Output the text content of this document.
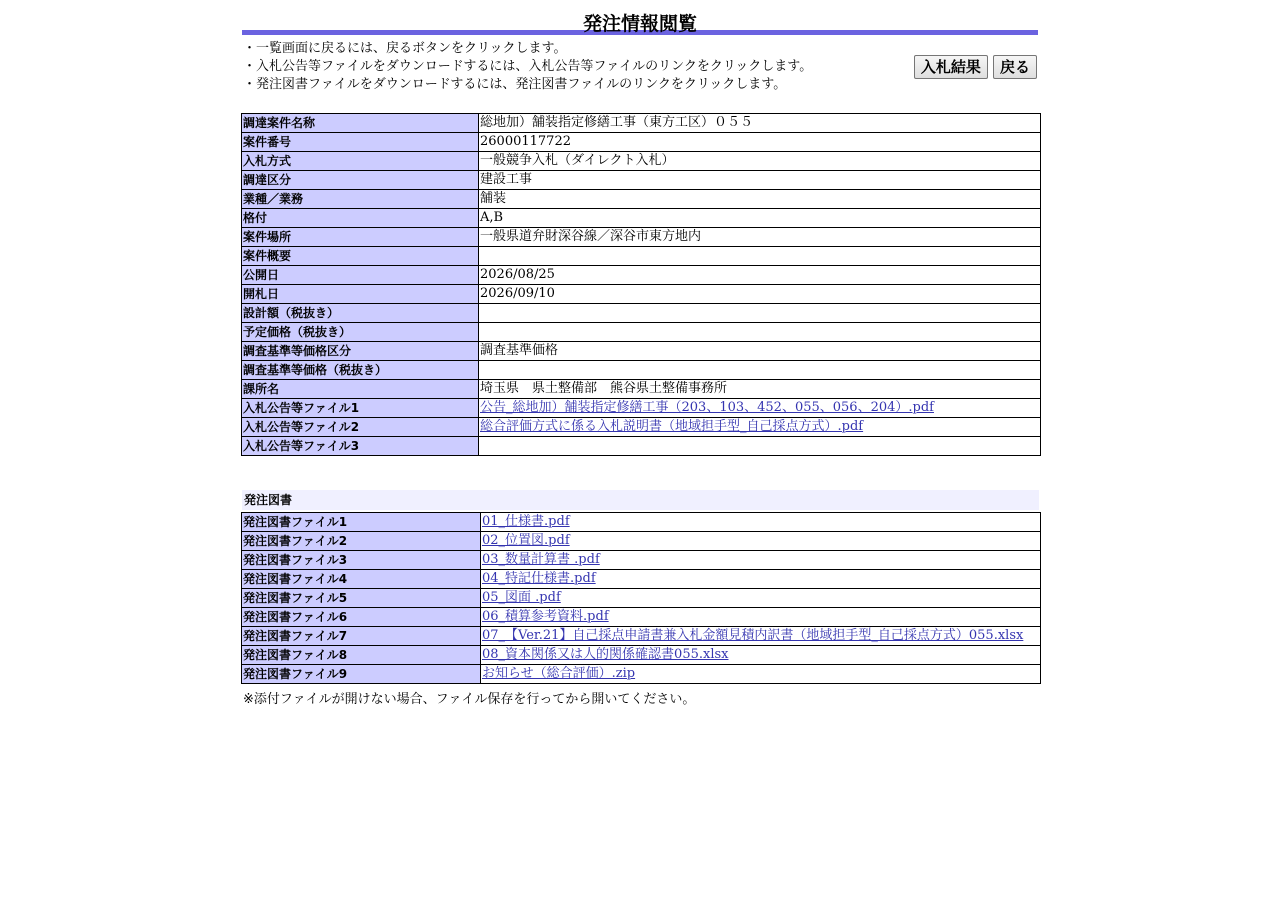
発注情報閲覧
・一覧画面に戻るには、戻るボタンをクリックします。
・入札公告等ファイルをダウンロードするには、入札公告等ファイルのリンクをクリックします。
・発注図書ファイルをダウンロードするには、発注図書ファイルのリンクをクリックします。
入札結果 戻る
調達案件名称	総地加）舗装指定修繕工事（東方工区）０５５
案件番号	26000117722
入札方式	一般競争入札（ダイレクト入札）
調達区分	建設工事
業種／業務	舗装
格付	A,B
案件場所	一般県道弁財深谷線／深谷市東方地内
案件概要	
公開日	2026/08/25
開札日	2026/09/10
設計額（税抜き）	
予定価格（税抜き）	
調査基準等価格区分	調査基準価格
調査基準等価格（税抜き）	
課所名	埼玉県　県土整備部　熊谷県土整備事務所
入札公告等ファイル1	公告_総地加）舗装指定修繕工事（203、103、452、055、056、204）.pdf
入札公告等ファイル2	総合評価方式に係る入札説明書（地域担手型_自己採点方式）.pdf
入札公告等ファイル3	
発注図書
発注図書ファイル1	01_仕様書.pdf
発注図書ファイル2	02_位置図.pdf
発注図書ファイル3	03_数量計算書 .pdf
発注図書ファイル4	04_特記仕様書.pdf
発注図書ファイル5	05_図面 .pdf
発注図書ファイル6	06_積算参考資料.pdf
発注図書ファイル7	07_【Ver.21】自己採点申請書兼入札金額見積内訳書（地域担手型_自己採点方式）055.xlsx
発注図書ファイル8	08_資本関係又は人的関係確認書055.xlsx
発注図書ファイル9	お知らせ（総合評価）.zip
※添付ファイルが開けない場合、ファイル保存を行ってから開いてください。
